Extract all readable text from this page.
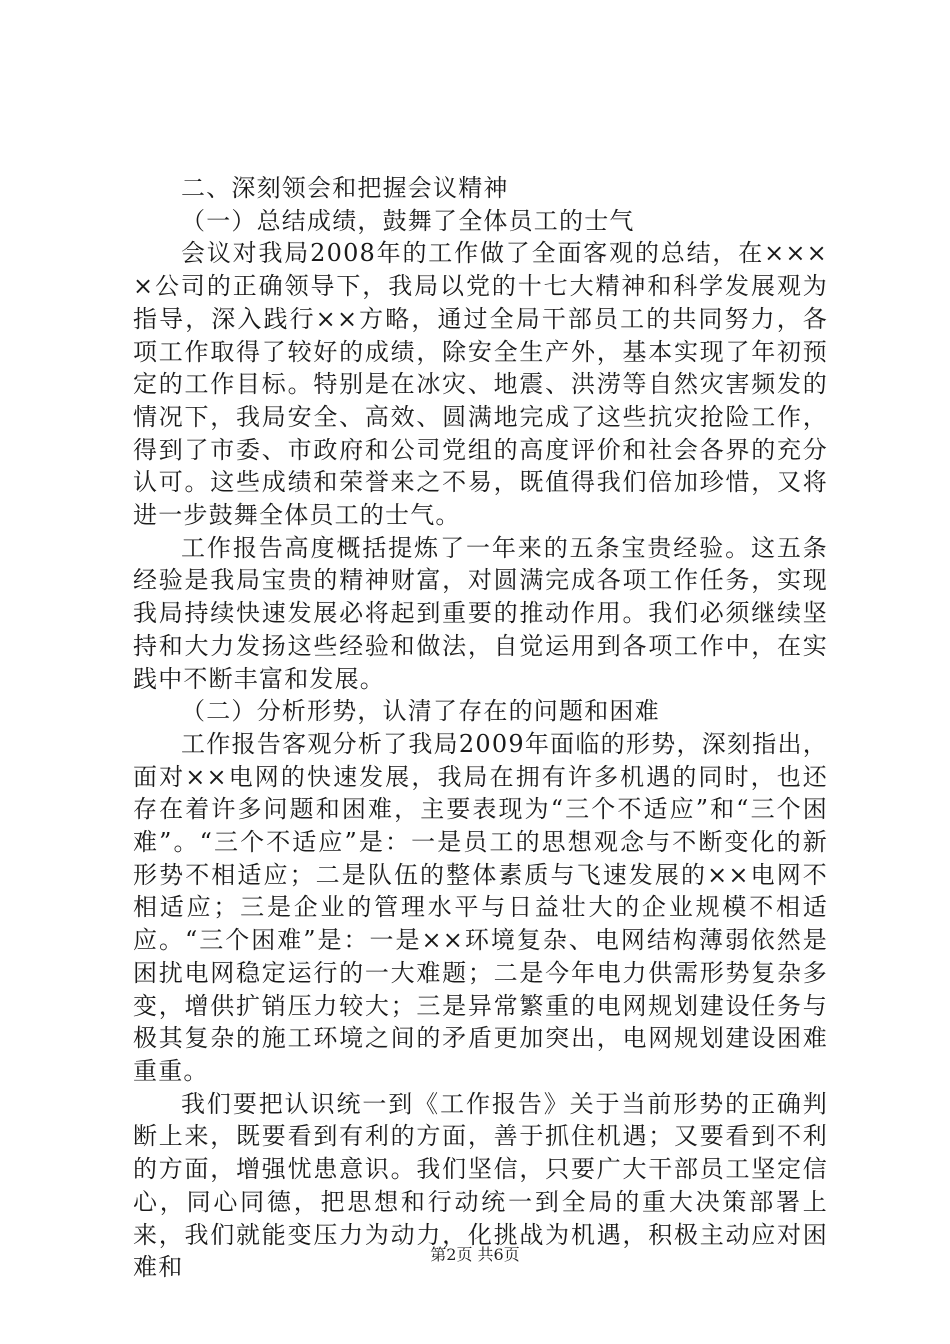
二、深刻领会和把握会议精神

（一）总结成绩，鼓舞了全体员工的士气

会议对我局2008年的工作做了全面客观的总结，在××××公司的正确领导下，我局以党的十七大精神和科学发展观为指导，深入践行××方略，通过全局干部员工的共同努力，各项工作取得了较好的成绩，除安全生产外，基本实现了年初预定的工作目标。特别是在冰灾、地震、洪涝等自然灾害频发的情况下，我局安全、高效、圆满地完成了这些抗灾抢险工作，得到了市委、市政府和公司党组的高度评价和社会各界的充分认可。这些成绩和荣誉来之不易，既值得我们倍加珍惜，又将进一步鼓舞全体员工的士气。

工作报告高度概括提炼了一年来的五条宝贵经验。这五条经验是我局宝贵的精神财富，对圆满完成各项工作任务，实现我局持续快速发展必将起到重要的推动作用。我们必须继续坚持和大力发扬这些经验和做法，自觉运用到各项工作中，在实践中不断丰富和发展。

（二）分析形势，认清了存在的问题和困难

工作报告客观分析了我局2009年面临的形势，深刻指出，面对××电网的快速发展，我局在拥有许多机遇的同时，也还存在着许多问题和困难，主要表现为“三个不适应”和“三个困难”。“三个不适应”是：一是员工的思想观念与不断变化的新形势不相适应；二是队伍的整体素质与飞速发展的××电网不相适应；三是企业的管理水平与日益壮大的企业规模不相适应。“三个困难”是：一是××环境复杂、电网结构薄弱依然是困扰电网稳定运行的一大难题；二是今年电力供需形势复杂多变，增供扩销压力较大；三是异常繁重的电网规划建设任务与极其复杂的施工环境之间的矛盾更加突出，电网规划建设困难重重。

我们要把认识统一到《工作报告》关于当前形势的正确判断上来，既要看到有利的方面，善于抓住机遇；又要看到不利的方面，增强忧患意识。我们坚信，只要广大干部员工坚定信心，同心同德，把思想和行动统一到全局的重大决策部署上来，我们就能变压力为动力，化挑战为机遇，积极主动应对困难和	第2页 共6页
